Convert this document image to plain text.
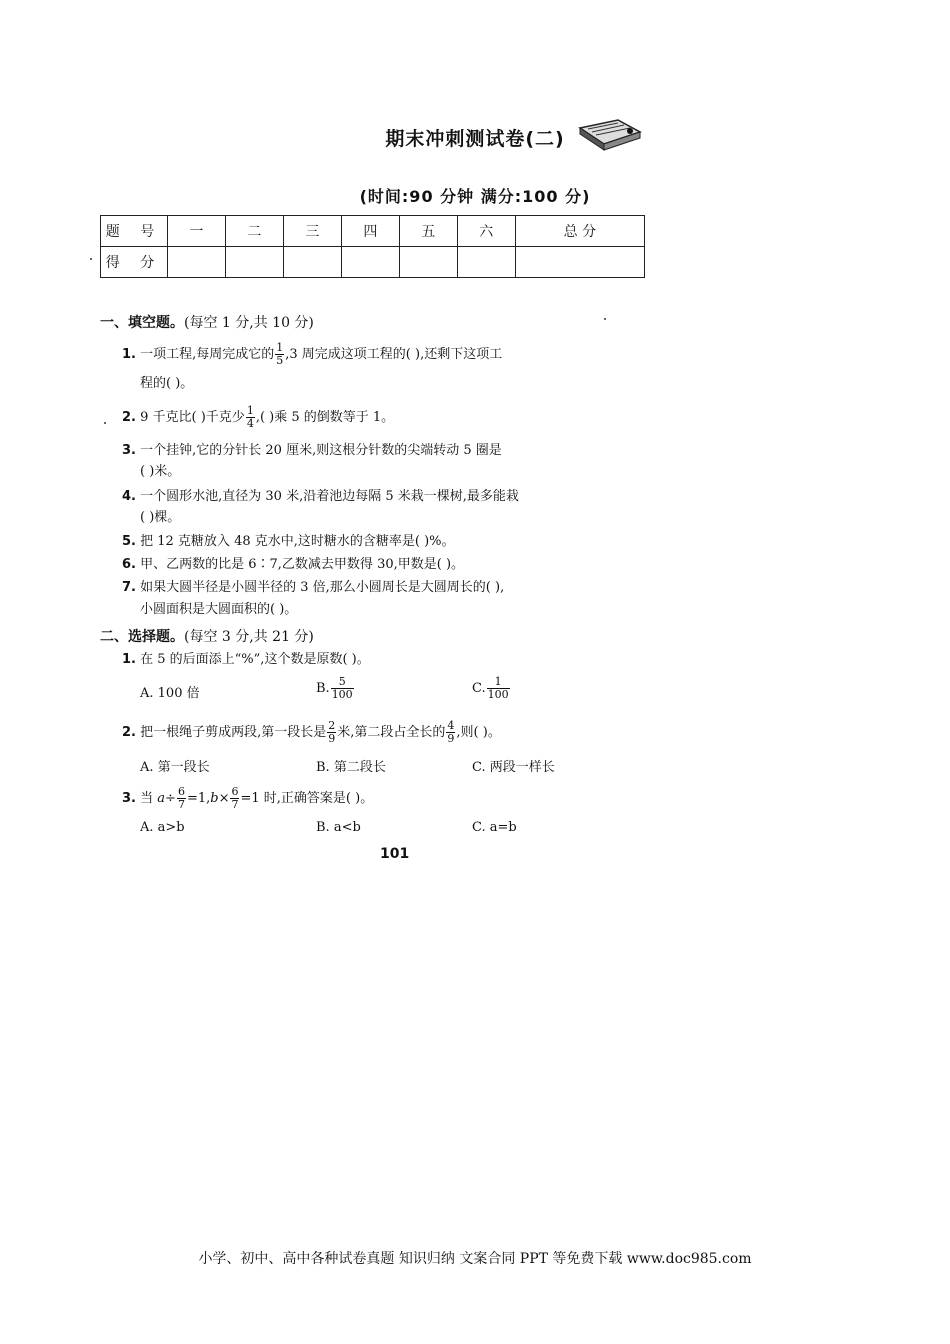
期末冲刺测试卷(二)
(时间:90 分钟 满分:100 分)
题 号	一	二	三	四	五	六	总 分
得 分							
一、填空题。(每空 1 分,共 10 分)
1. 一项工程,每周完成它的 $\frac{1}{5} ,3$ 周完成这项工程的( ),还剩下这项工
程的( )。
2. 9 千克比( )千克少 $\frac{1}{4}$ ,( )乘 5 的倒数等于 1。
3. 一个挂钟,它的分针长 20 厘米,则这根分针数的尖端转动 5 圈是
( )米。
4. 一个圆形水池,直径为 30 米,沿着池边每隔 5 米栽一棵树,最多能栽
( )棵。
5. 把 12 克糖放入 48 克水中,这时糖水的含糖率是( )%。
6. 甲、乙两数的比是 6∶7,乙数减去甲数得 30,甲数是( )。
7. 如果大圆半径是小圆半径的 3 倍,那么小圆周长是大圆周长的( ),
小圆面积是大圆面积的( )。
二、选择题。(每空 3 分,共 21 分)
1. 在 5 的后面添上“%”,这个数是原数( )。
A. 100 倍	B. $\frac{5}{100}$	C. $\frac{1}{100}$
2. 把一根绳子剪成两段,第一段长是 $\frac{2}{9}$ 米,第二段占全长的 $\frac{4}{9}$ ,则( )。
A. 第一段长	B. 第二段长	C. 两段一样长
3. 当 $a\div \frac{6}{7} =1,b\times \frac{6}{7} =1$ 时,正确答案是( )。
A. a>b	B. a<b	C. a=b
101
小学、初中、高中各种试卷真题 知识归纳 文案合同 PPT 等免费下载 www.doc985.com
